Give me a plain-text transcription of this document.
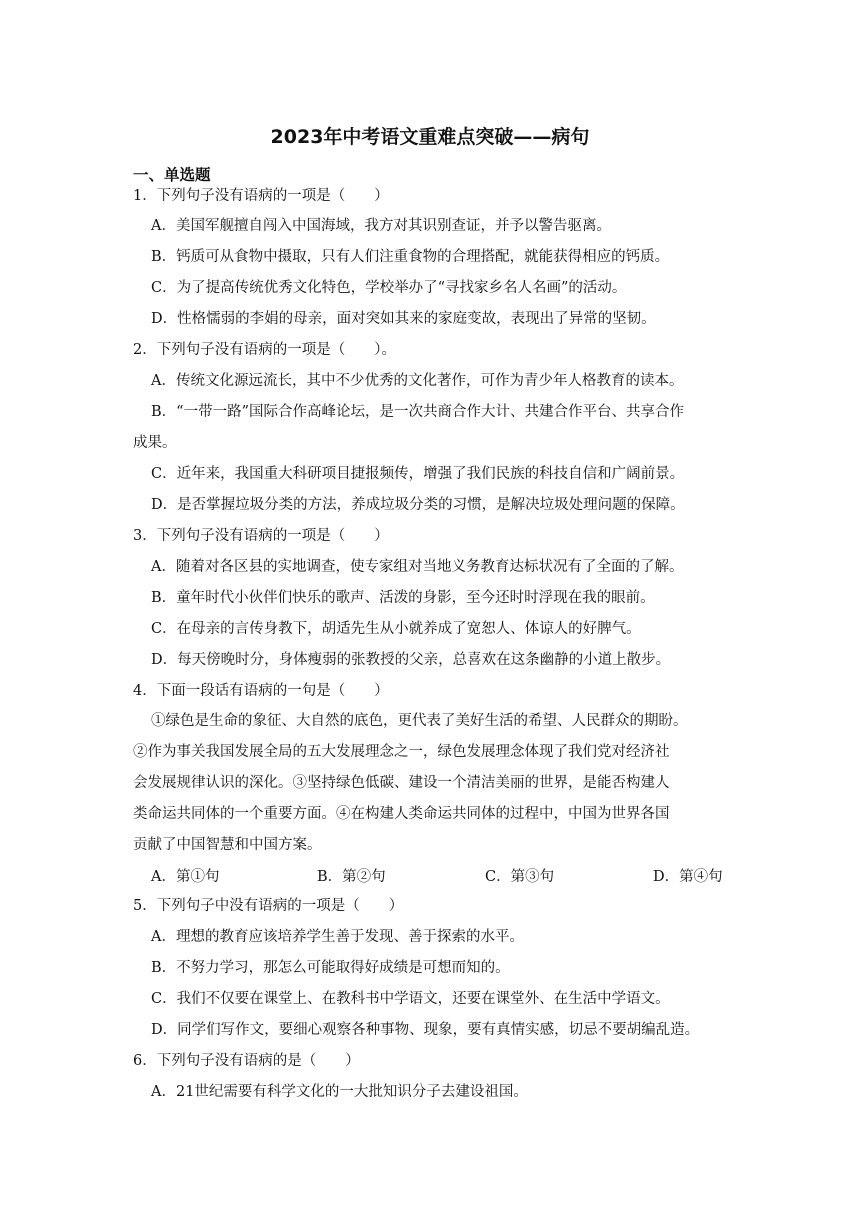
2023年中考语文重难点突破——病句
一、单选题
1．下列句子没有语病的一项是（　　）
A．美国军舰擅自闯入中国海域，我方对其识别查证，并予以警告驱离。
B．钙质可从食物中摄取，只有人们注重食物的合理搭配，就能获得相应的钙质。
C．为了提高传统优秀文化特色，学校举办了“寻找家乡名人名画”的活动。
D．性格懦弱的李娟的母亲，面对突如其来的家庭变故，表现出了异常的坚韧。
2．下列句子没有语病的一项是（　　）。
A．传统文化源远流长，其中不少优秀的文化著作，可作为青少年人格教育的读本。
B．“一带一路”国际合作高峰论坛，是一次共商合作大计、共建合作平台、共享合作
成果。
C．近年来，我国重大科研项目捷报频传，增强了我们民族的科技自信和广阔前景。
D．是否掌握垃圾分类的方法，养成垃圾分类的习惯，是解决垃圾处理问题的保障。
3．下列句子没有语病的一项是（　　）
A．随着对各区县的实地调查，使专家组对当地义务教育达标状况有了全面的了解。
B．童年时代小伙伴们快乐的歌声、活泼的身影，至今还时时浮现在我的眼前。
C．在母亲的言传身教下，胡适先生从小就养成了宽恕人、体谅人的好脾气。
D．每天傍晚时分，身体瘦弱的张教授的父亲，总喜欢在这条幽静的小道上散步。
4．下面一段话有语病的一句是（　　）
①绿色是生命的象征、大自然的底色，更代表了美好生活的希望、人民群众的期盼。
②作为事关我国发展全局的五大发展理念之一，绿色发展理念体现了我们党对经济社
会发展规律认识的深化。③坚持绿色低碳、建设一个清洁美丽的世界，是能否构建人
类命运共同体的一个重要方面。④在构建人类命运共同体的过程中，中国为世界各国
贡献了中国智慧和中国方案。
A．第①句	B．第②句	C．第③句	D．第④句
5．下列句子中没有语病的一项是（　　）
A．理想的教育应该培养学生善于发现、善于探索的水平。
B．不努力学习，那怎么可能取得好成绩是可想而知的。
C．我们不仅要在课堂上、在教科书中学语文，还要在课堂外、在生活中学语文。
D．同学们写作文，要细心观察各种事物、现象，要有真情实感，切忌不要胡编乱造。
6．下列句子没有语病的是（　　）
A．21世纪需要有科学文化的一大批知识分子去建设祖国。
